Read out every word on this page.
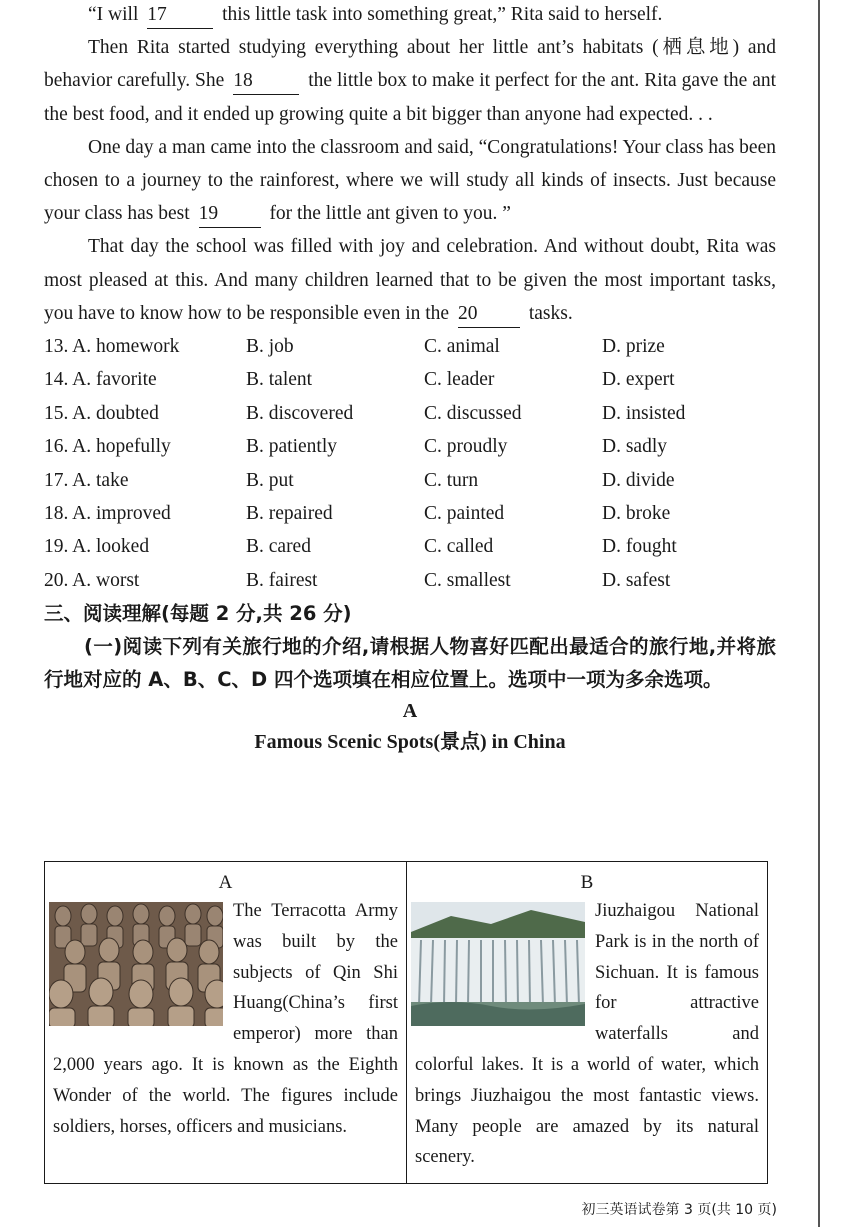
“I will 17	this little task into something great,” Rita said to herself.

Then Rita started studying everything about her little ant’s habitats (栖息地) and behavior carefully. She 18	the little box to make it perfect for the ant. Rita gave the ant the best food, and it ended up growing quite a bit bigger than anyone had expected. . .

One day a man came into the classroom and said, “Congratulations! Your class has been chosen to a journey to the rainforest, where we will study all kinds of insects. Just because your class has best 19	for the little ant given to you. ”

That day the school was filled with joy and celebration. And without doubt, Rita was most pleased at this. And many children learned that to be given the most important tasks, you have to know how to be responsible even in the 20	tasks.

13. A. homework	B. job	C. animal	D. prize
14. A. favorite	B. talent	C. leader	D. expert
15. A. doubted	B. discovered	C. discussed	D. insisted
16. A. hopefully	B. patiently	C. proudly	D. sadly
17. A. take	B. put	C. turn	D. divide
18. A. improved	B. repaired	C. painted	D. broke
19. A. looked	B. cared	C. called	D. fought
20. A. worst	B. fairest	C. smallest	D. safest

三、阅读理解(每题 2 分,共 26 分)

(一)阅读下列有关旅行地的介绍,请根据人物喜好匹配出最适合的旅行地,并将旅行地对应的 A、B、C、D 四个选项填在相应位置上。选项中一项为多余选项。

A
Famous Scenic Spots(景点) in China
A
The Terracotta Army was built by the subjects of Qin Shi Huang(China’s first emperor) more than 2,000 years ago. It is known as the Eighth Wonder of the world. The figures include soldiers, horses, officers and musicians.
B
Jiuzhaigou National Park is in the north of Sichuan. It is famous for attractive waterfalls and colorful lakes. It is a world of water, which brings Jiuzhaigou the most fantastic views. Many people are amazed by its natural scenery.
初三英语试卷第 3 页(共 10 页)
